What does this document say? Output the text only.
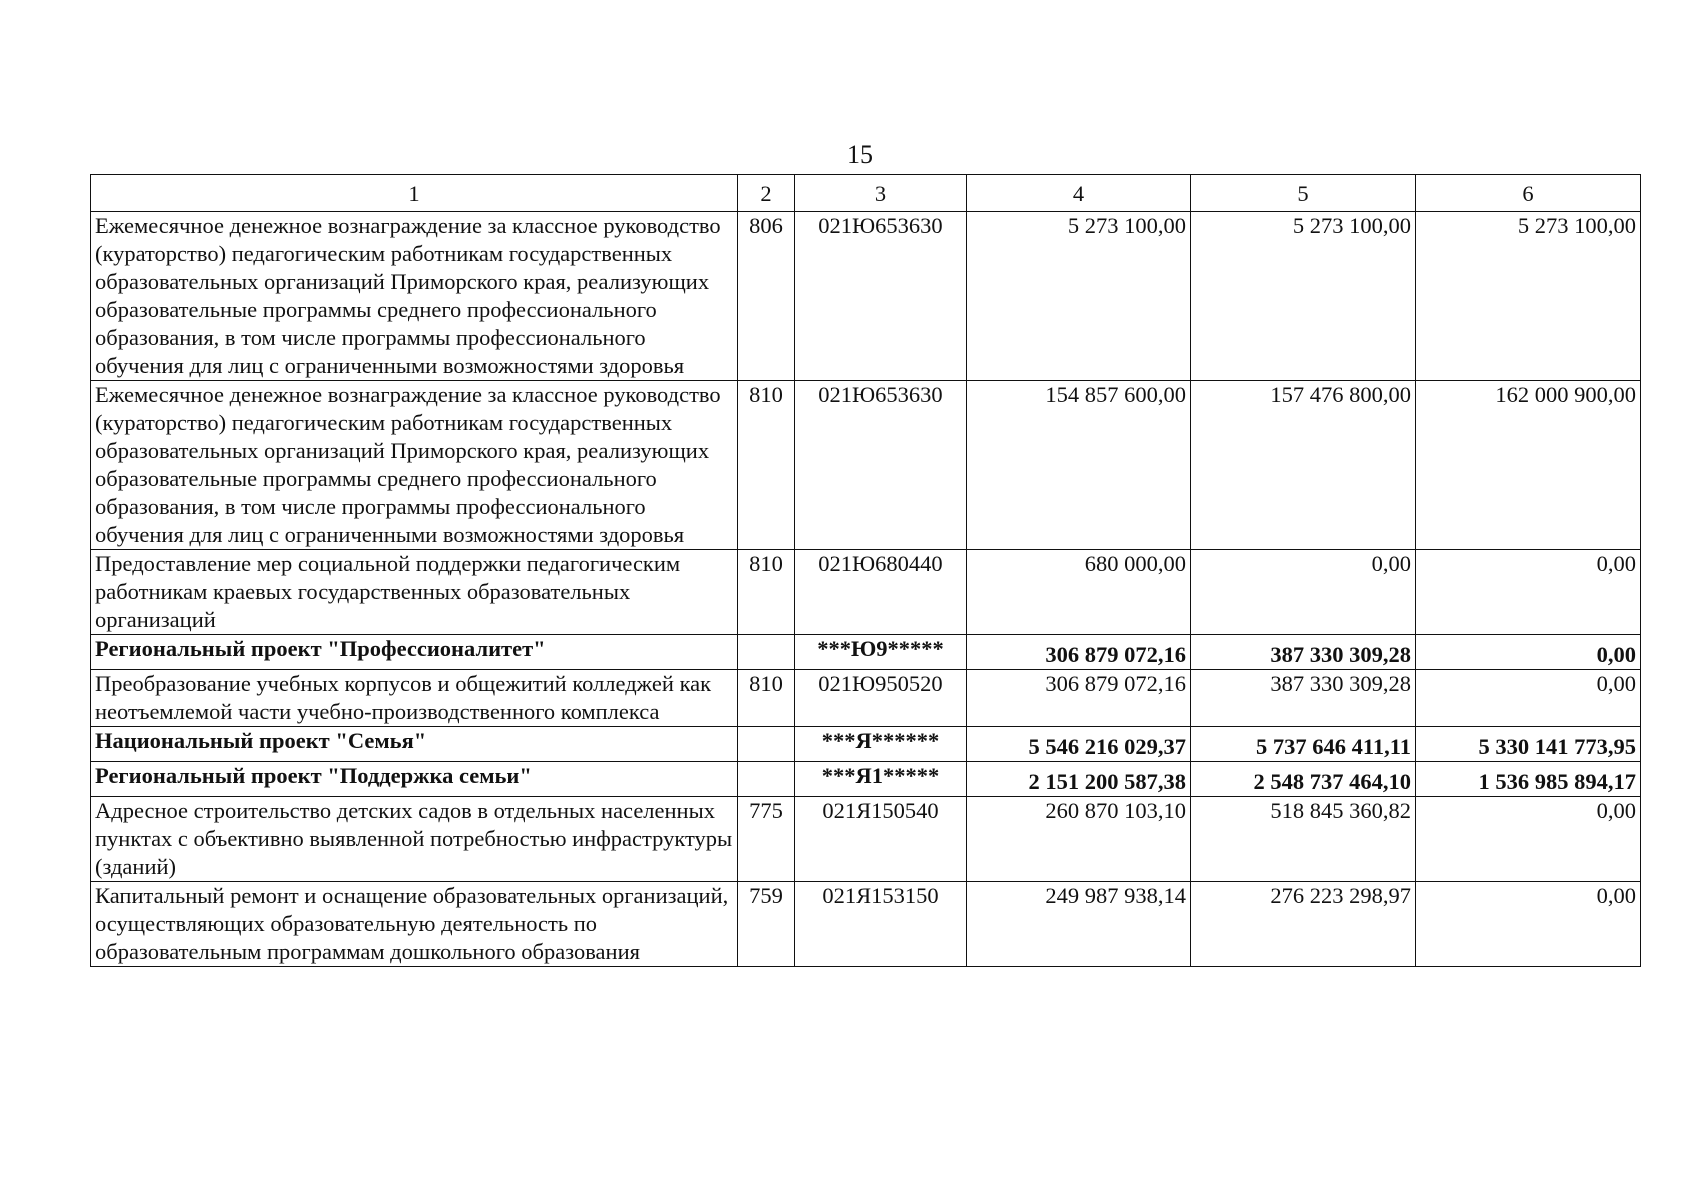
15
1	2	3	4	5	6
Ежемесячное денежное вознаграждение за классное руководство (кураторство) педагогическим работникам государственных образовательных организаций Приморского края, реализующих образовательные программы среднего профессионального образования, в том числе программы профессионального обучения для лиц с ограниченными возможностями здоровья	806	021Ю653630	5 273 100,00	5 273 100,00	5 273 100,00
Ежемесячное денежное вознаграждение за классное руководство (кураторство) педагогическим работникам государственных образовательных организаций Приморского края, реализующих образовательные программы среднего профессионального образования, в том числе программы профессионального обучения для лиц с ограниченными возможностями здоровья	810	021Ю653630	154 857 600,00	157 476 800,00	162 000 900,00
Предоставление мер социальной поддержки педагогическим работникам краевых государственных образовательных организаций	810	021Ю680440	680 000,00	0,00	0,00
Региональный проект "Профессионалитет"		***Ю9*****	306 879 072,16	387 330 309,28	0,00
Преобразование учебных корпусов и общежитий колледжей как неотъемлемой части учебно-производственного комплекса	810	021Ю950520	306 879 072,16	387 330 309,28	0,00
Национальный проект "Семья"		***Я******	5 546 216 029,37	5 737 646 411,11	5 330 141 773,95
Региональный проект "Поддержка семьи"		***Я1*****	2 151 200 587,38	2 548 737 464,10	1 536 985 894,17
Адресное строительство детских садов в отдельных населенных пунктах с объективно выявленной потребностью инфраструктуры (зданий)	775	021Я150540	260 870 103,10	518 845 360,82	0,00
Капитальный ремонт и оснащение образовательных организаций, осуществляющих образовательную деятельность по образовательным программам дошкольного образования	759	021Я153150	249 987 938,14	276 223 298,97	0,00
